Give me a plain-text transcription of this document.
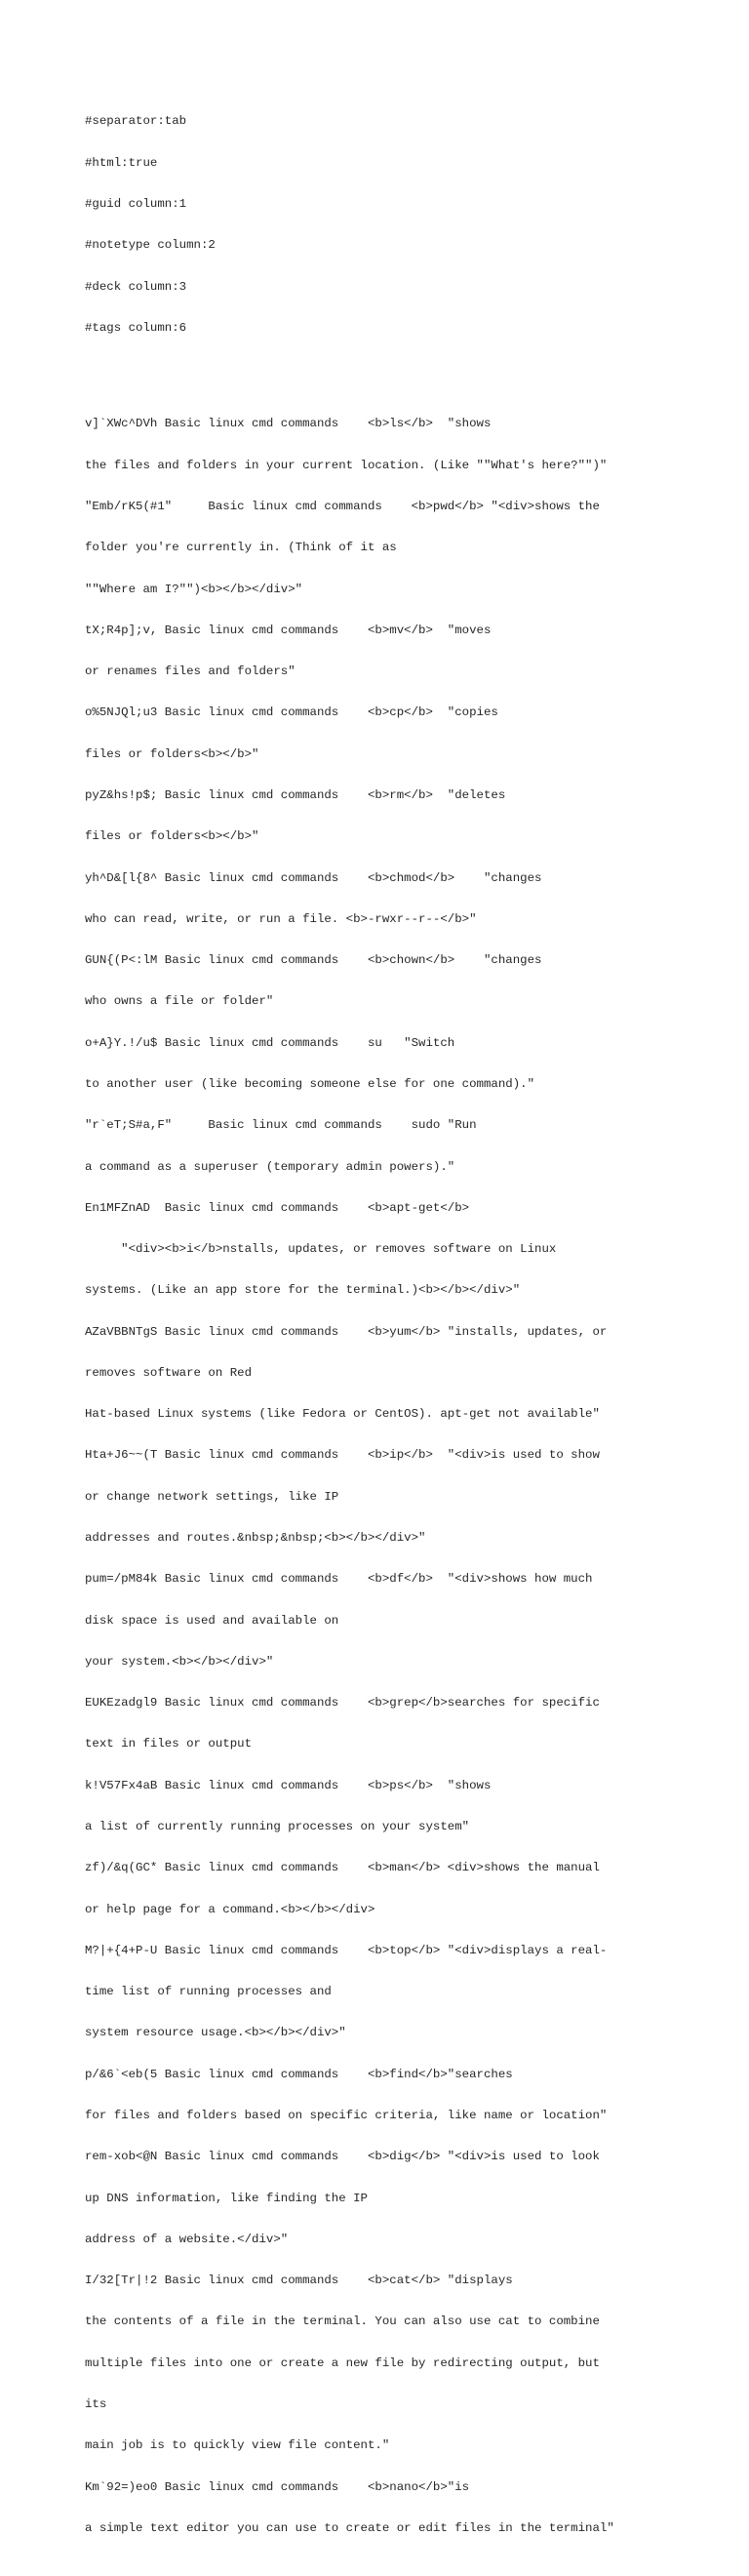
#separator:tab

#html:true

#guid column:1

#notetype column:2

#deck column:3

#tags column:6

v]`XWc^DVh Basic linux cmd commands    <b>ls</b>  "shows

the files and folders in your current location. (Like ""What's here?"")"

"Emb/rK5(#1"     Basic linux cmd commands    <b>pwd</b> "<div>shows the

folder you're currently in. (Think of it as

""Where am I?"")<b></b></div>"

tX;R4p];v, Basic linux cmd commands    <b>mv</b>  "moves

or renames files and folders"

o%5NJQl;u3 Basic linux cmd commands    <b>cp</b>  "copies

files or folders<b></b>"

pyZ&hs!p$; Basic linux cmd commands    <b>rm</b>  "deletes

files or folders<b></b>"

yh^D&[l{8^ Basic linux cmd commands    <b>chmod</b>    "changes

who can read, write, or run a file. <b>-rwxr--r--</b>"

GUN{(P<:lM Basic linux cmd commands    <b>chown</b>    "changes

who owns a file or folder"

o+A}Y.!/u$ Basic linux cmd commands    su   "Switch

to another user (like becoming someone else for one command)."

"r`eT;S#a,F"     Basic linux cmd commands    sudo "Run

a command as a superuser (temporary admin powers)."

En1MFZnAD  Basic linux cmd commands    <b>apt-get</b>

"<div><b>i</b>nstalls, updates, or removes software on Linux

systems. (Like an app store for the terminal.)<b></b></div>"

AZaVBBNTgS Basic linux cmd commands    <b>yum</b> "installs, updates, or

removes software on Red

Hat-based Linux systems (like Fedora or CentOS). apt-get not available"

Hta+J6~~(T Basic linux cmd commands    <b>ip</b>  "<div>is used to show

or change network settings, like IP

addresses and routes.&nbsp;&nbsp;<b></b></div>"

pum=/pM84k Basic linux cmd commands    <b>df</b>  "<div>shows how much

disk space is used and available on

your system.<b></b></div>"

EUKEzadgl9 Basic linux cmd commands    <b>grep</b>searches for specific

text in files or output

k!V57Fx4aB Basic linux cmd commands    <b>ps</b>  "shows

a list of currently running processes on your system"

zf)/&q(GC* Basic linux cmd commands    <b>man</b> <div>shows the manual

or help page for a command.<b></b></div>

M?|+{4+P-U Basic linux cmd commands    <b>top</b> "<div>displays a real-

time list of running processes and

system resource usage.<b></b></div>"

p/&6`<eb(5 Basic linux cmd commands    <b>find</b>"searches

for files and folders based on specific criteria, like name or location"

rem-xob<@N Basic linux cmd commands    <b>dig</b> "<div>is used to look

up DNS information, like finding the IP

address of a website.</div>"

I/32[Tr|!2 Basic linux cmd commands    <b>cat</b> "displays

the contents of a file in the terminal. You can also use cat to combine

multiple files into one or create a new file by redirecting output, but

its

main job is to quickly view file content."

Km`92=)eo0 Basic linux cmd commands    <b>nano</b>"is

a simple text editor you can use to create or edit files in the terminal"
